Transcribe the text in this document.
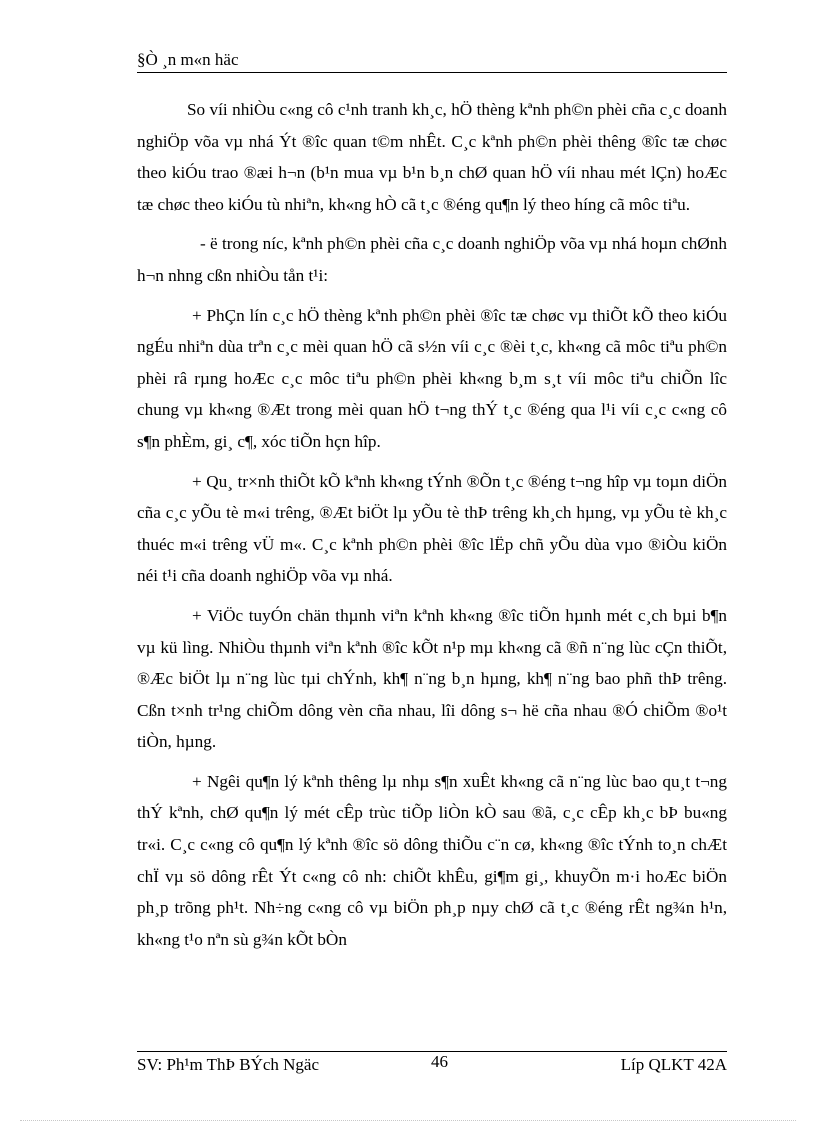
§Ò ¸n m«n häc

So víi nhiÒu c«ng cô c¹nh tranh kh¸c, hÖ thèng kªnh ph©n phèi cña c¸c doanh nghiÖp võa vµ nhá Ýt ®îc quan t©m nhÊt. C¸c kªnh ph©n phèi thêng ®îc tæ chøc theo kiÓu trao ®æi h¬n (b¹n mua vµ b¹n b¸n chØ quan hÖ víi nhau mét lÇn) hoÆc tæ chøc theo kiÓu tù nhiªn, kh«ng hÒ cã t¸c ®éng qu¶n lý theo híng cã môc tiªu.

- ë trong níc, kªnh ph©n phèi cña c¸c doanh nghiÖp võa vµ nhá hoµn chØnh h¬n nhng cßn nhiÒu tån t¹i:

+ PhÇn lín c¸c hÖ thèng kªnh ph©n phèi ®îc tæ chøc vµ thiÕt kÕ theo kiÓu ngÉu nhiªn dùa trªn c¸c mèi quan hÖ cã s½n víi c¸c ®èi t¸c, kh«ng cã môc tiªu ph©n phèi râ rµng hoÆc c¸c môc tiªu ph©n phèi kh«ng b¸m s¸t víi môc tiªu chiÕn lîc chung vµ kh«ng ®Æt trong mèi quan hÖ t¬ng thÝ t¸c ®éng qua l¹i víi c¸c c«ng cô s¶n phÈm, gi¸ c¶, xóc tiÕn hçn hîp.

+ Qu¸ tr×nh thiÕt kÕ kªnh kh«ng tÝnh ®Õn t¸c ®éng t¬ng hîp vµ toµn diÖn cña c¸c yÕu tè m«i trêng, ®Æt biÖt lµ yÕu tè thÞ trêng kh¸ch hµng, vµ yÕu tè kh¸c thuéc m«i trêng vÜ m«. C¸c kªnh ph©n phèi ®îc lËp chñ yÕu dùa vµo ®iÒu kiÖn néi t¹i cña doanh nghiÖp võa vµ nhá.

+ ViÖc tuyÓn chän thµnh viªn kªnh kh«ng ®îc tiÕn hµnh mét c¸ch bµi b¶n vµ kü lìng. NhiÒu thµnh viªn kªnh ®îc kÕt n¹p mµ kh«ng cã ®ñ n¨ng lùc cÇn thiÕt, ®Æc biÖt lµ n¨ng lùc tµi chÝnh, kh¶ n¨ng b¸n hµng, kh¶ n¨ng bao phñ thÞ trêng. Cßn t×nh tr¹ng chiÕm dông vèn cña nhau, lîi dông s¬ hë cña nhau ®Ó chiÕm ®o¹t tiÒn, hµng.

+ Ngêi qu¶n lý kªnh thêng lµ nhµ s¶n xuÊt kh«ng cã n¨ng lùc bao qu¸t t¬ng thÝ kªnh, chØ qu¶n lý mét cÊp trùc tiÕp liÒn kÒ sau ®ã, c¸c cÊp kh¸c bÞ bu«ng tr«i. C¸c c«ng cô qu¶n lý kªnh ®îc sö dông thiÕu c¨n cø, kh«ng ®îc tÝnh to¸n chÆt chÏ vµ sö dông rÊt Ýt c«ng cô nh: chiÕt khÊu, gi¶m gi¸, khuyÕn m·i hoÆc biÖn ph¸p trõng ph¹t. Nh÷ng c«ng cô vµ biÖn ph¸p nµy chØ cã t¸c ®éng rÊt ng¾n h¹n, kh«ng t¹o nªn sù g¾n kÕt bÒn

SV: Ph¹m ThÞ BÝch Ngäc	46	Líp QLKT 42A
